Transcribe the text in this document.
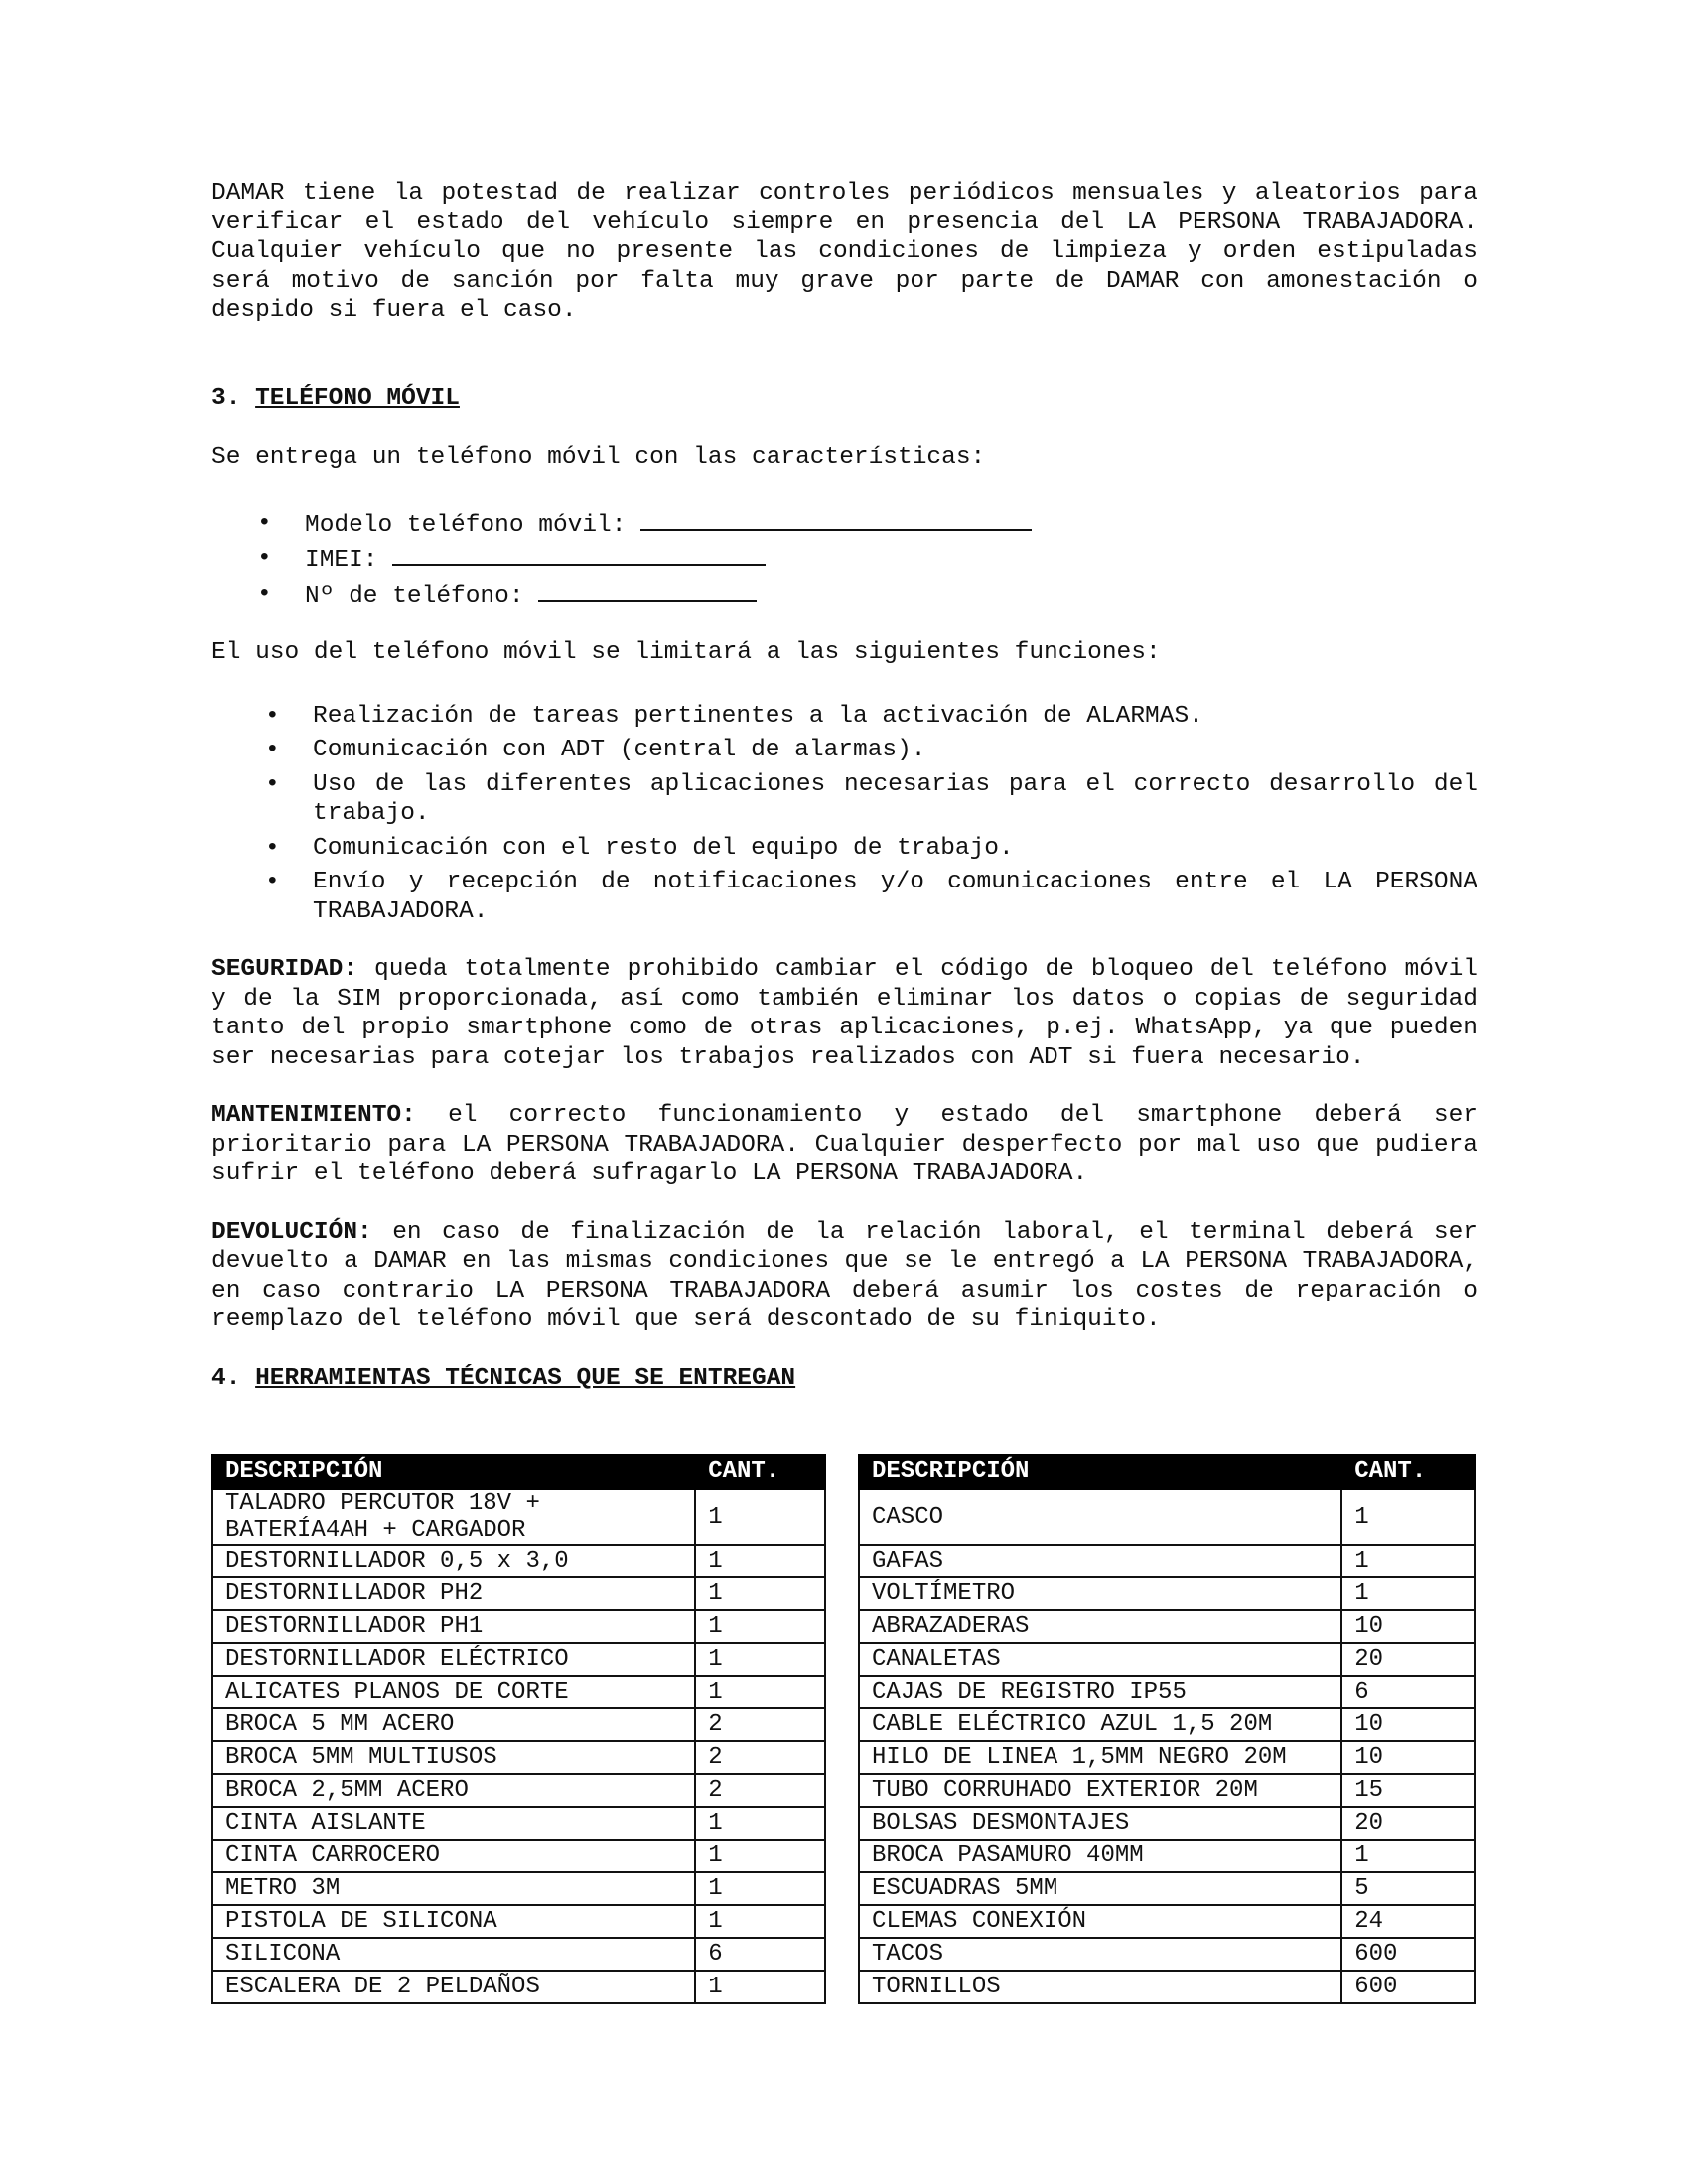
DAMAR tiene la potestad de realizar controles periódicos mensuales y aleatorios para verificar el estado del vehículo siempre en presencia del LA PERSONA TRABAJADORA. Cualquier vehículo que no presente las condiciones de limpieza y orden estipuladas será motivo de sanción por falta muy grave por parte de DAMAR con amonestación o despido si fuera el caso.

3. TELÉFONO MÓVIL

Se entrega un teléfono móvil con las características:

• Modelo teléfono móvil:
• IMEI:
• Nº de teléfono:

El uso del teléfono móvil se limitará a las siguientes funciones:

• Realización de tareas pertinentes a la activación de ALARMAS.
• Comunicación con ADT (central de alarmas).
• Uso de las diferentes aplicaciones necesarias para el correcto desarrollo del trabajo.
• Comunicación con el resto del equipo de trabajo.
• Envío y recepción de notificaciones y/o comunicaciones entre el LA PERSONA TRABAJADORA.

SEGURIDAD: queda totalmente prohibido cambiar el código de bloqueo del teléfono móvil y de la SIM proporcionada, así como también eliminar los datos o copias de seguridad tanto del propio smartphone como de otras aplicaciones, p.ej. WhatsApp, ya que pueden ser necesarias para cotejar los trabajos realizados con ADT si fuera necesario.

MANTENIMIENTO: el correcto funcionamiento y estado del smartphone deberá ser prioritario para LA PERSONA TRABAJADORA. Cualquier desperfecto por mal uso que pudiera sufrir el teléfono deberá sufragarlo LA PERSONA TRABAJADORA.

DEVOLUCIÓN: en caso de finalización de la relación laboral, el terminal deberá ser devuelto a DAMAR en las mismas condiciones que se le entregó a LA PERSONA TRABAJADORA, en caso contrario LA PERSONA TRABAJADORA deberá asumir los costes de reparación o reemplazo del teléfono móvil que será descontado de su finiquito.

4. HERRAMIENTAS TÉCNICAS QUE SE ENTREGAN

DESCRIPCIÓN	CANT.
TALADRO PERCUTOR 18V + BATERÍA4AH + CARGADOR	1
DESTORNILLADOR 0,5 x 3,0	1
DESTORNILLADOR PH2	1
DESTORNILLADOR PH1	1
DESTORNILLADOR ELÉCTRICO	1
ALICATES PLANOS DE CORTE	1
BROCA 5 MM ACERO	2
BROCA 5MM MULTIUSOS	2
BROCA 2,5MM ACERO	2
CINTA AISLANTE	1
CINTA CARROCERO	1
METRO 3M	1
PISTOLA DE SILICONA	1
SILICONA	6
ESCALERA DE 2 PELDAÑOS	1
DESCRIPCIÓN	CANT.
CASCO	1
GAFAS	1
VOLTÍMETRO	1
ABRAZADERAS	10
CANALETAS	20
CAJAS DE REGISTRO IP55	6
CABLE ELÉCTRICO AZUL 1,5 20M	10
HILO DE LINEA 1,5MM NEGRO 20M	10
TUBO CORRUHADO EXTERIOR 20M	15
BOLSAS DESMONTAJES	20
BROCA PASAMURO 40MM	1
ESCUADRAS 5MM	5
CLEMAS CONEXIÓN	24
TACOS	600
TORNILLOS	600
